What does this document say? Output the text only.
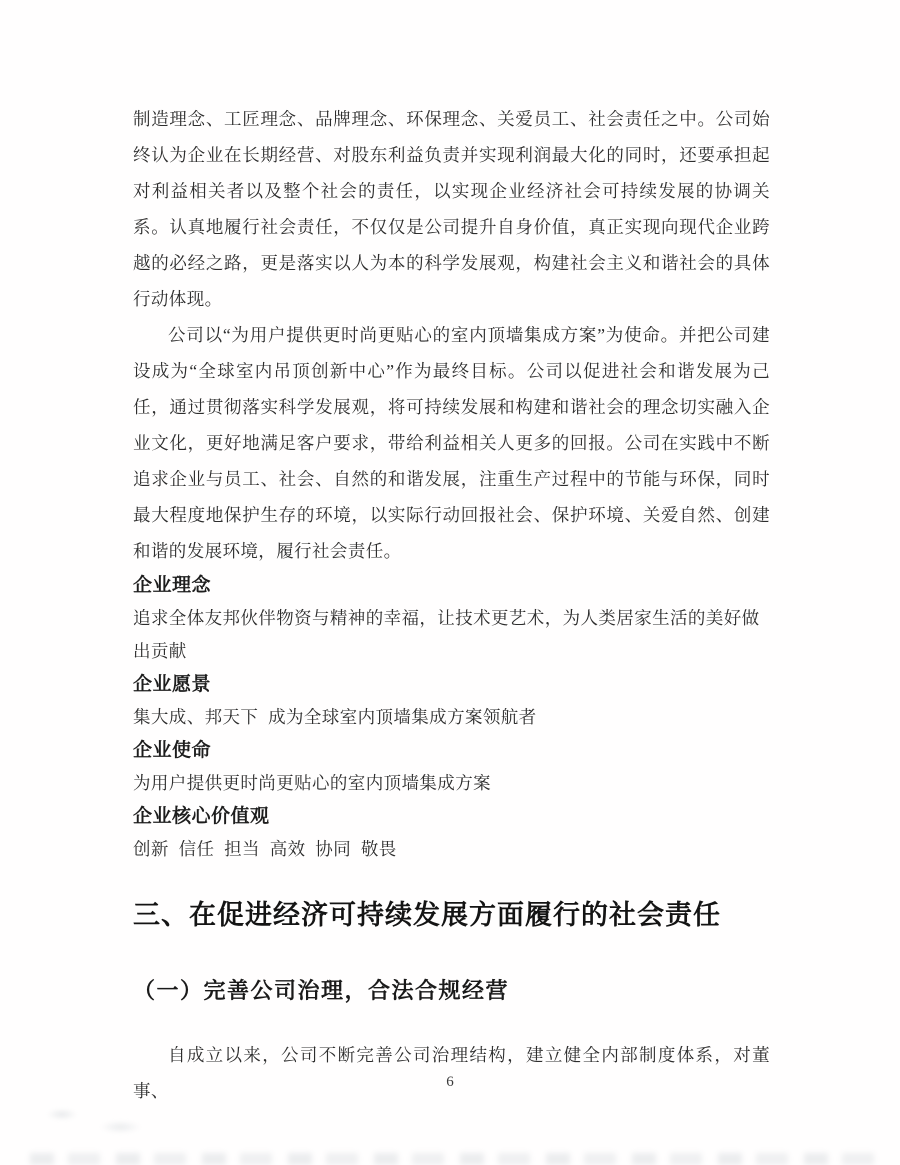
制造理念、工匠理念、品牌理念、环保理念、关爱员工、社会责任之中。公司始终认为企业在长期经营、对股东利益负责并实现利润最大化的同时，还要承担起对利益相关者以及整个社会的责任，以实现企业经济社会可持续发展的协调关系。认真地履行社会责任，不仅仅是公司提升自身价值，真正实现向现代企业跨越的必经之路，更是落实以人为本的科学发展观，构建社会主义和谐社会的具体行动体现。

公司以“为用户提供更时尚更贴心的室内顶墙集成方案”为使命。并把公司建设成为“全球室内吊顶创新中心”作为最终目标。公司以促进社会和谐发展为己任，通过贯彻落实科学发展观，将可持续发展和构建和谐社会的理念切实融入企业文化，更好地满足客户要求，带给利益相关人更多的回报。公司在实践中不断追求企业与员工、社会、自然的和谐发展，注重生产过程中的节能与环保，同时最大程度地保护生存的环境，以实际行动回报社会、保护环境、关爱自然、创建和谐的发展环境，履行社会责任。

企业理念

追求全体友邦伙伴物资与精神的幸福，让技术更艺术，为人类居家生活的美好做出贡献

企业愿景

集大成、邦天下 成为全球室内顶墙集成方案领航者

企业使命

为用户提供更时尚更贴心的室内顶墙集成方案

企业核心价值观

创新 信任 担当 高效 协同 敬畏

三、在促进经济可持续发展方面履行的社会责任
（一）完善公司治理，合法合规经营

自成立以来，公司不断完善公司治理结构，建立健全内部制度体系，对董事、	6
